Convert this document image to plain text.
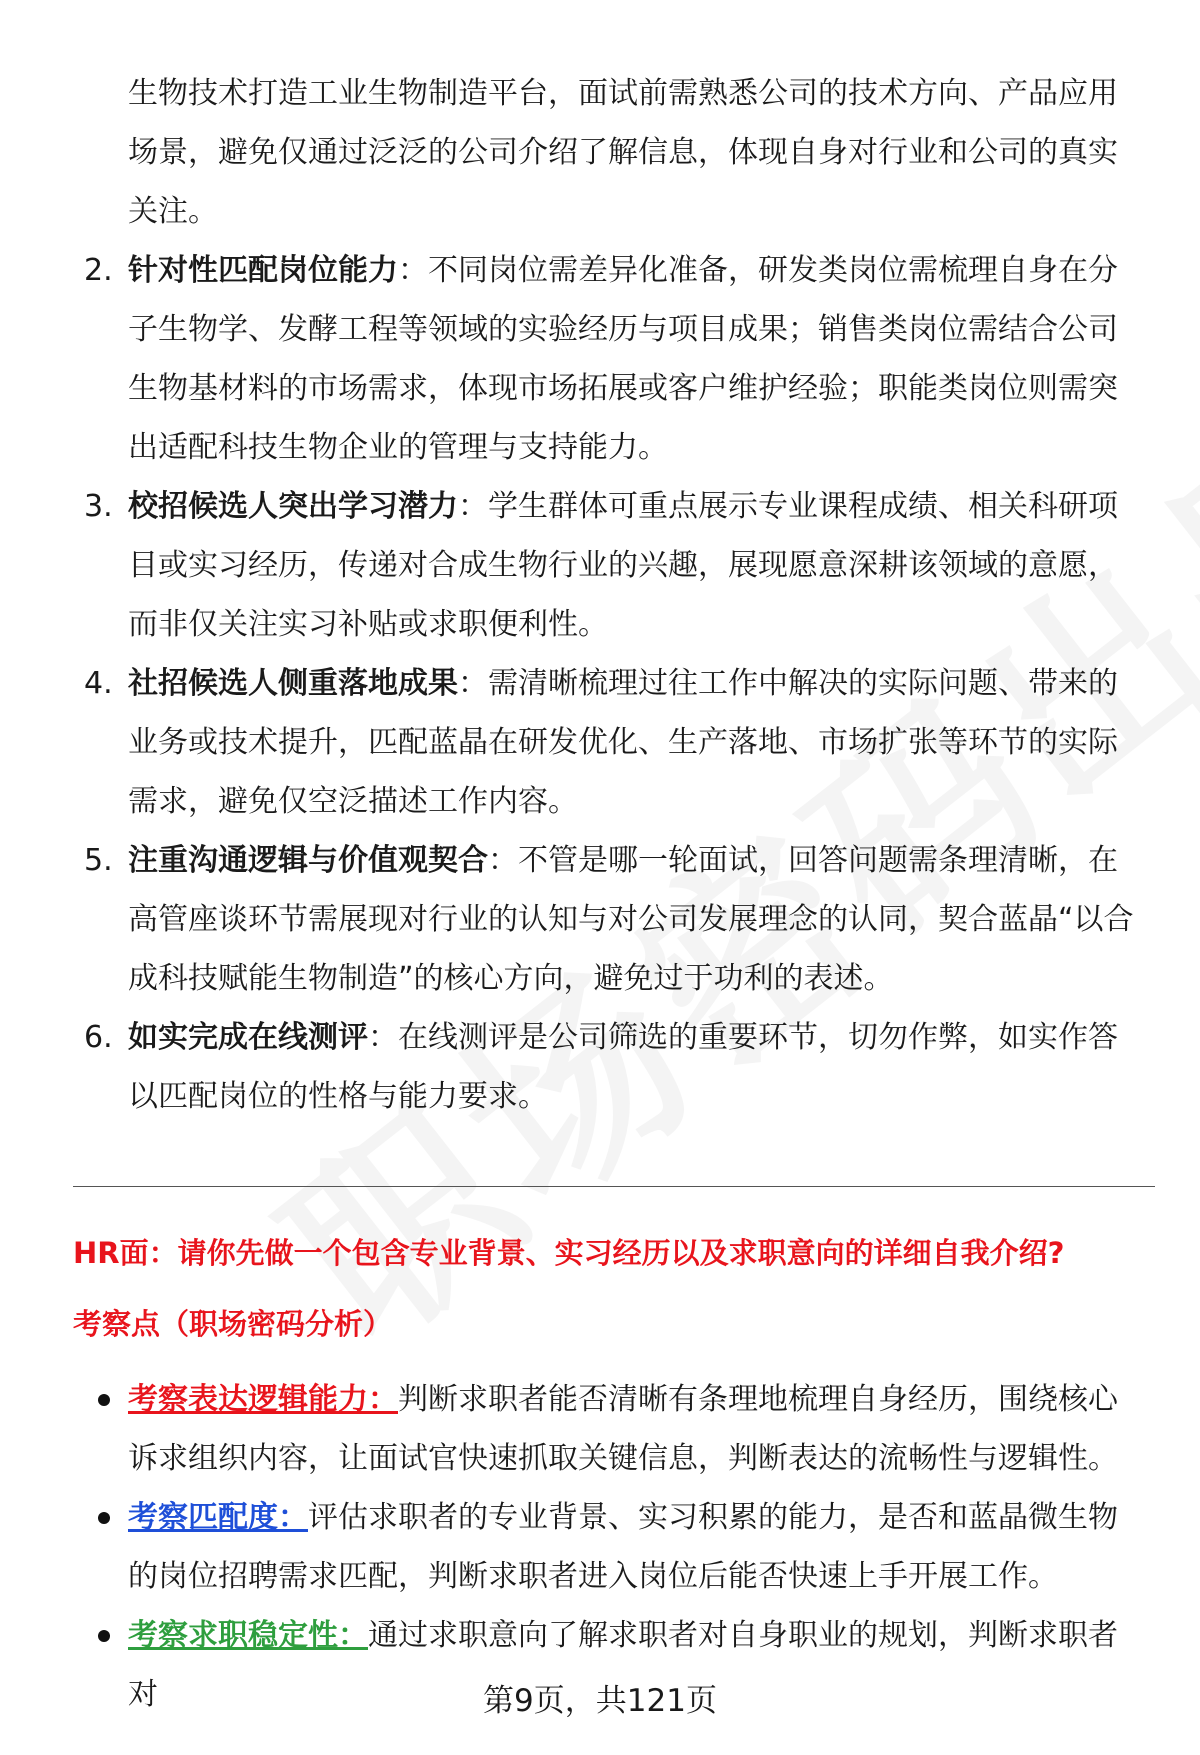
生物技术打造工业生物制造平台，面试前需熟悉公司的技术方向、产品应用场景，避免仅通过泛泛的公司介绍了解信息，体现自身对行业和公司的真实关注。
2. 针对性匹配岗位能力：不同岗位需差异化准备，研发类岗位需梳理自身在分子生物学、发酵工程等领域的实验经历与项目成果；销售类岗位需结合公司生物基材料的市场需求，体现市场拓展或客户维护经验；职能类岗位则需突出适配科技生物企业的管理与支持能力。
3. 校招候选人突出学习潜力：学生群体可重点展示专业课程成绩、相关科研项目或实习经历，传递对合成生物行业的兴趣，展现愿意深耕该领域的意愿，而非仅关注实习补贴或求职便利性。
4. 社招候选人侧重落地成果：需清晰梳理过往工作中解决的实际问题、带来的业务或技术提升，匹配蓝晶在研发优化、生产落地、市场扩张等环节的实际需求，避免仅空泛描述工作内容。
5. 注重沟通逻辑与价值观契合：不管是哪一轮面试，回答问题需条理清晰，在高管座谈环节需展现对行业的认知与对公司发展理念的认同，契合蓝晶“以合成科技赋能生物制造”的核心方向，避免过于功利的表述。
6. 如实完成在线测评：在线测评是公司筛选的重要环节，切勿作弊，如实作答以匹配岗位的性格与能力要求。
HR面：请你先做一个包含专业背景、实习经历以及求职意向的详细自我介绍?
考察点（职场密码分析）
考察表达逻辑能力：判断求职者能否清晰有条理地梳理自身经历，围绕核心诉求组织内容，让面试官快速抓取关键信息，判断表达的流畅性与逻辑性。
考察匹配度：评估求职者的专业背景、实习积累的能力，是否和蓝晶微生物的岗位招聘需求匹配，判断求职者进入岗位后能否快速上手开展工作。
考察求职稳定性：通过求职意向了解求职者对自身职业的规划，判断求职者对	第9页，共121页
